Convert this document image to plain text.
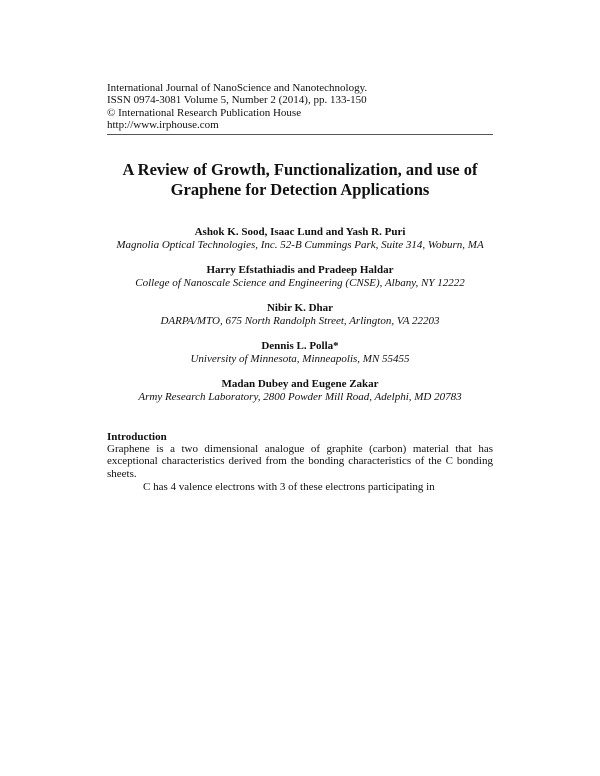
International Journal of NanoScience and Nanotechnology.
ISSN 0974-3081 Volume 5, Number 2 (2014), pp. 133-150
© International Research Publication House
http://www.irphouse.com
A Review of Growth, Functionalization, and use of
Graphene for Detection Applications
Ashok K. Sood, Isaac Lund and Yash R. Puri
Magnolia Optical Technologies, Inc. 52-B Cummings Park, Suite 314, Woburn, MA
Harry Efstathiadis and Pradeep Haldar
College of Nanoscale Science and Engineering (CNSE), Albany, NY 12222
Nibir K. Dhar
DARPA/MTO, 675 North Randolph Street, Arlington, VA 22203
Dennis L. Polla*
University of Minnesota, Minneapolis, MN 55455
Madan Dubey and Eugene Zakar
Army Research Laboratory, 2800 Powder Mill Road, Adelphi, MD 20783
Introduction
Graphene is a two dimensional analogue of graphite (carbon) material that has exceptional characteristics derived from the bonding characteristics of the C bonding sheets.
C has 4 valence electrons with 3 of these electrons participating in
